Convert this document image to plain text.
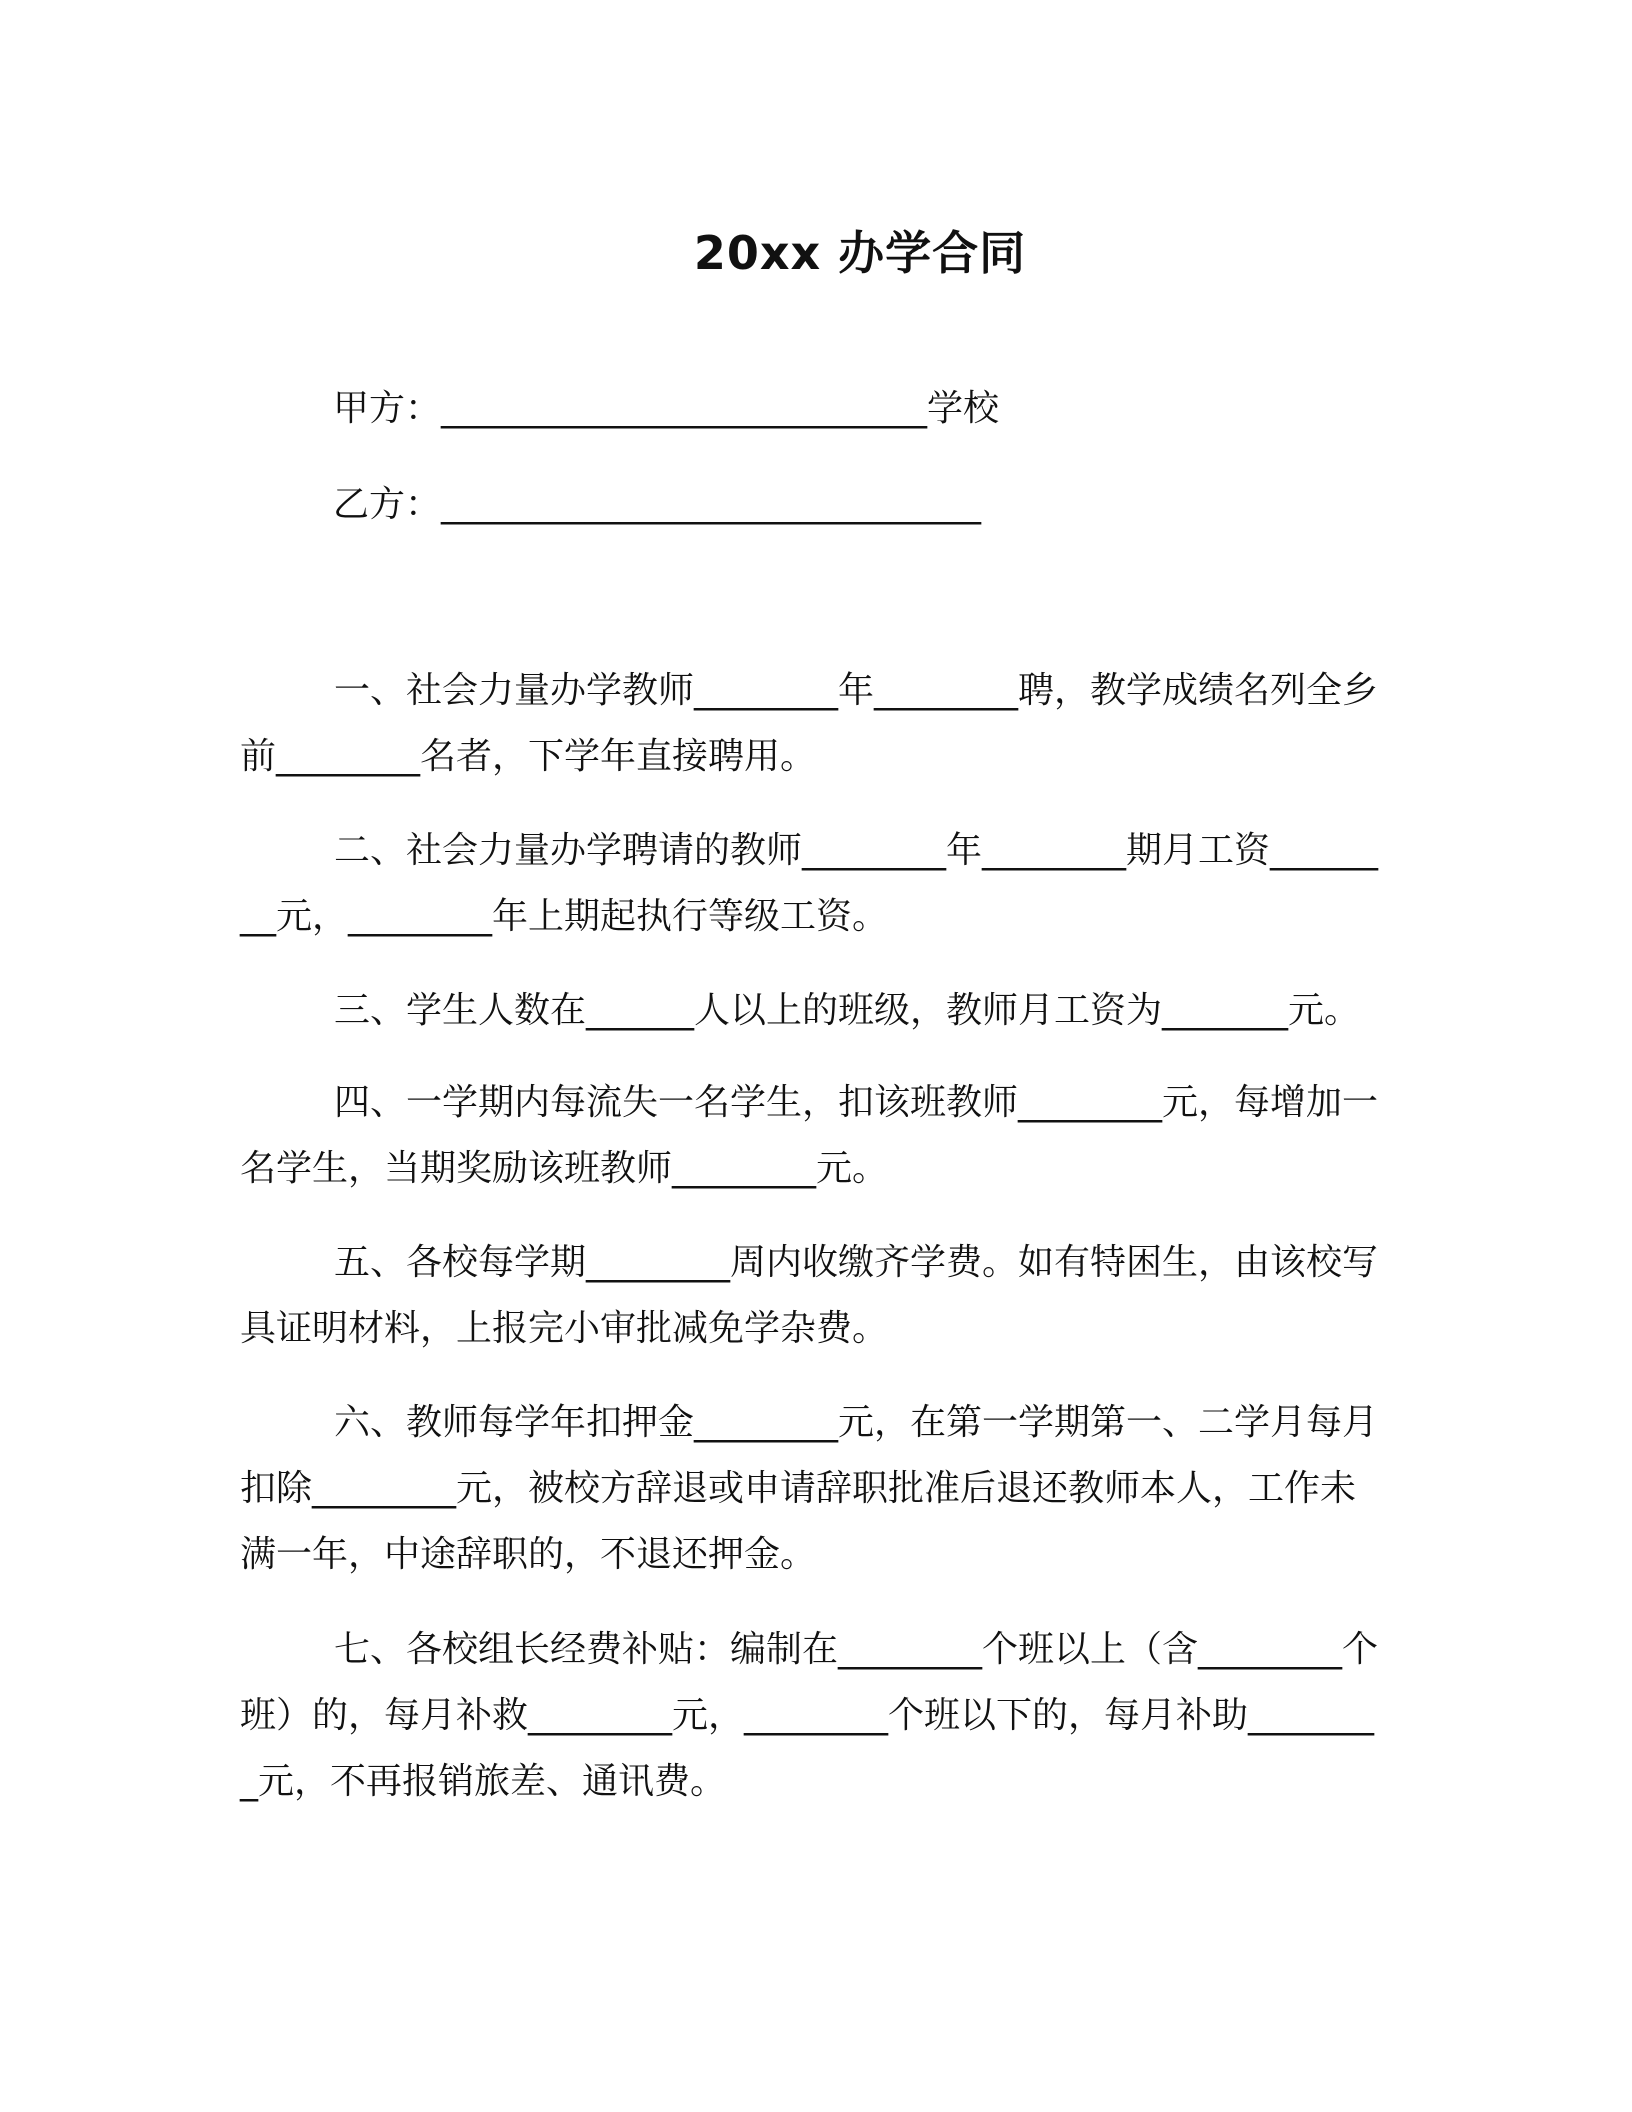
20xx 办学合同

甲方：___________________________学校

乙方：______________________________

一、社会力量办学教师________年________聘，教学成绩名列全乡前________名者，下学年直接聘用。

二、社会力量办学聘请的教师________年________期月工资________元，________年上期起执行等级工资。

三、学生人数在______人以上的班级，教师月工资为_______元。

四、一学期内每流失一名学生，扣该班教师________元，每增加一名学生，当期奖励该班教师________元。

五、各校每学期________周内收缴齐学费。如有特困生，由该校写具证明材料，上报完小审批减免学杂费。

六、教师每学年扣押金________元，在第一学期第一、二学月每月扣除________元，被校方辞退或申请辞职批准后退还教师本人，工作未满一年，中途辞职的，不退还押金。

七、各校组长经费补贴：编制在________个班以上（含________个班）的，每月补救________元，________个班以下的，每月补助________元，不再报销旅差、通讯费。
